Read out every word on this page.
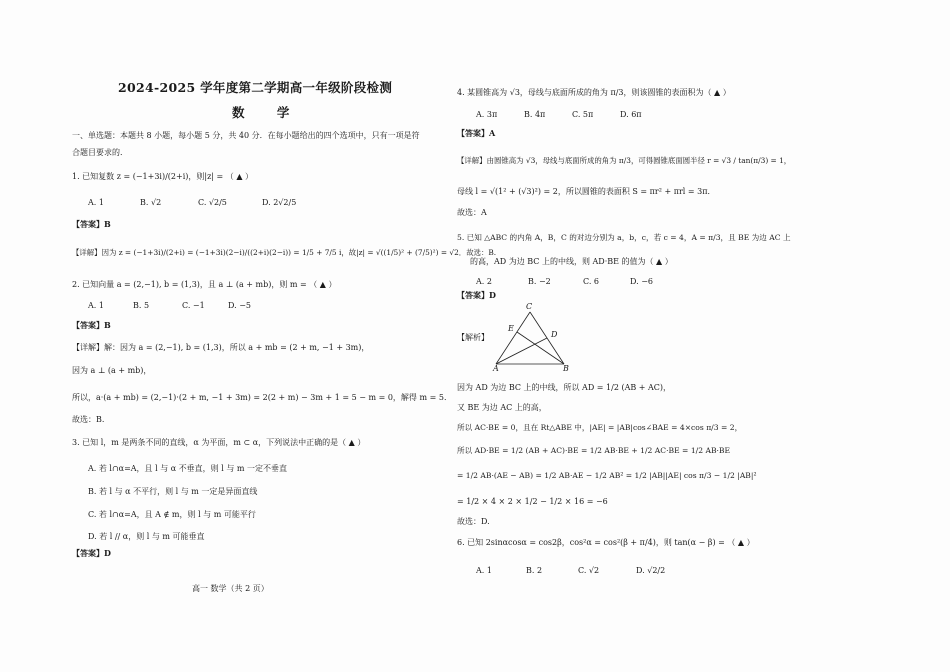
2024-2025 学年度第二学期高一年级阶段检测
数 学
一、单选题：本题共 8 小题，每小题 5 分，共 40 分．在每小题给出的四个选项中，只有一项是符
合题目要求的．
1. 已知复数 z = (−1+3i)/(2+i)，则|z| = （ ▲ ）
A. 1	B. √2	C. √2/5	D. 2√2/5
【答案】B
【详解】因为 z = (−1+3i)/(2+i) = (−1+3i)(2−i)/((2+i)(2−i)) = 1/5 + 7/5 i，故|z| = √((1/5)² + (7/5)²) = √2．故选：B.
2. 已知向量 a = (2,−1), b = (1,3)，且 a ⊥ (a + mb)，则 m = （ ▲ ）
A. 1	B. 5	C. −1	D. −5
【答案】B
【详解】解：因为 a = (2,−1), b = (1,3)，所以 a + mb = (2 + m, −1 + 3m)，
因为 a ⊥ (a + mb)，
所以，a·(a + mb) = (2,−1)·(2 + m, −1 + 3m) = 2(2 + m) − 3m + 1 = 5 − m = 0，解得 m = 5．
故选：B.
3. 已知 l，m 是两条不同的直线，α 为平面，m ⊂ α，下列说法中正确的是（ ▲ ）
A. 若 l∩α=A，且 l 与 α 不垂直，则 l 与 m 一定不垂直
B. 若 l 与 α 不平行，则 l 与 m 一定是异面直线
C. 若 l∩α=A，且 A ∉ m，则 l 与 m 可能平行
D. 若 l // α，则 l 与 m 可能垂直
【答案】D
高一 数学（共 2 页）
4. 某圆锥高为 √3，母线与底面所成的角为 π/3，则该圆锥的表面积为（ ▲ ）
A. 3π	B. 4π	C. 5π	D. 6π
【答案】A
【详解】由圆锥高为 √3，母线与底面所成的角为 π/3，可得圆锥底面圆半径 r = √3 / tan(π/3) = 1，
母线 l = √(1² + (√3)²) = 2，所以圆锥的表面积 S = πr² + πrl = 3π．
故选：A
5. 已知 △ABC 的内角 A，B，C 的对边分别为 a，b，c，若 c = 4，A = π/3，且 BE 为边 AC 上
的高，AD 为边 BC 上的中线，则 AD·BE 的值为（ ▲ ）
A. 2	B. −2	C. 6	D. −6
【答案】D
【解析】
C
E
D
A	B
因为 AD 为边 BC 上的中线，所以 AD = 1/2 (AB + AC)，
又 BE 为边 AC 上的高，
所以 AC·BE = 0，且在 Rt△ABE 中，|AE| = |AB|cos∠BAE = 4×cos π/3 = 2，
所以 AD·BE = 1/2 (AB + AC)·BE = 1/2 AB·BE + 1/2 AC·BE = 1/2 AB·BE
= 1/2 AB·(AE − AB) = 1/2 AB·AE − 1/2 AB² = 1/2 |AB||AE| cos π/3 − 1/2 |AB|²
= 1/2 × 4 × 2 × 1/2 − 1/2 × 16 = −6
故选：D.
6. 已知 2sinαcosα = cos2β，cos²α = cos²(β + π/4)，则 tan(α − β) = （ ▲ ）
A. 1	B. 2	C. √2	D. √2/2
